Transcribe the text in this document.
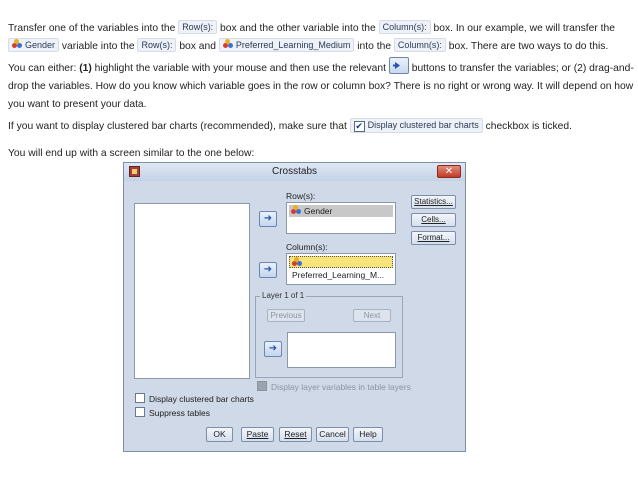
Transfer one of the variables into the Row(s): box and the other variable into the Column(s): box. In our example, we will transfer the

Gender variable into the Row(s): box and
Preferred_Learning_Medium into the Column(s): box. There are two ways to do this.
You can either: (1) highlight the variable with your mouse and then use the relevant
buttons to transfer the variables; or (2) drag-and-drop the variables. How do you know which variable goes in the row or column box? There is no right or wrong way. It will depend on how you want to present your data.
If you want to display clustered bar charts (recommended), make sure that ✔ Display clustered bar charts checkbox is ticked.
You will end up with a screen similar to the one below:
Crosstabs	✕
Row(s):
Gender
➜
Column(s):
Preferred_Learning_M...
➜
Statistics...
Cells...
Format...
Layer 1 of 1
Previous	Next
➜
Display layer variables in table layers
Display clustered bar charts
Suppress tables
OK	Paste	Reset	Cancel	Help
